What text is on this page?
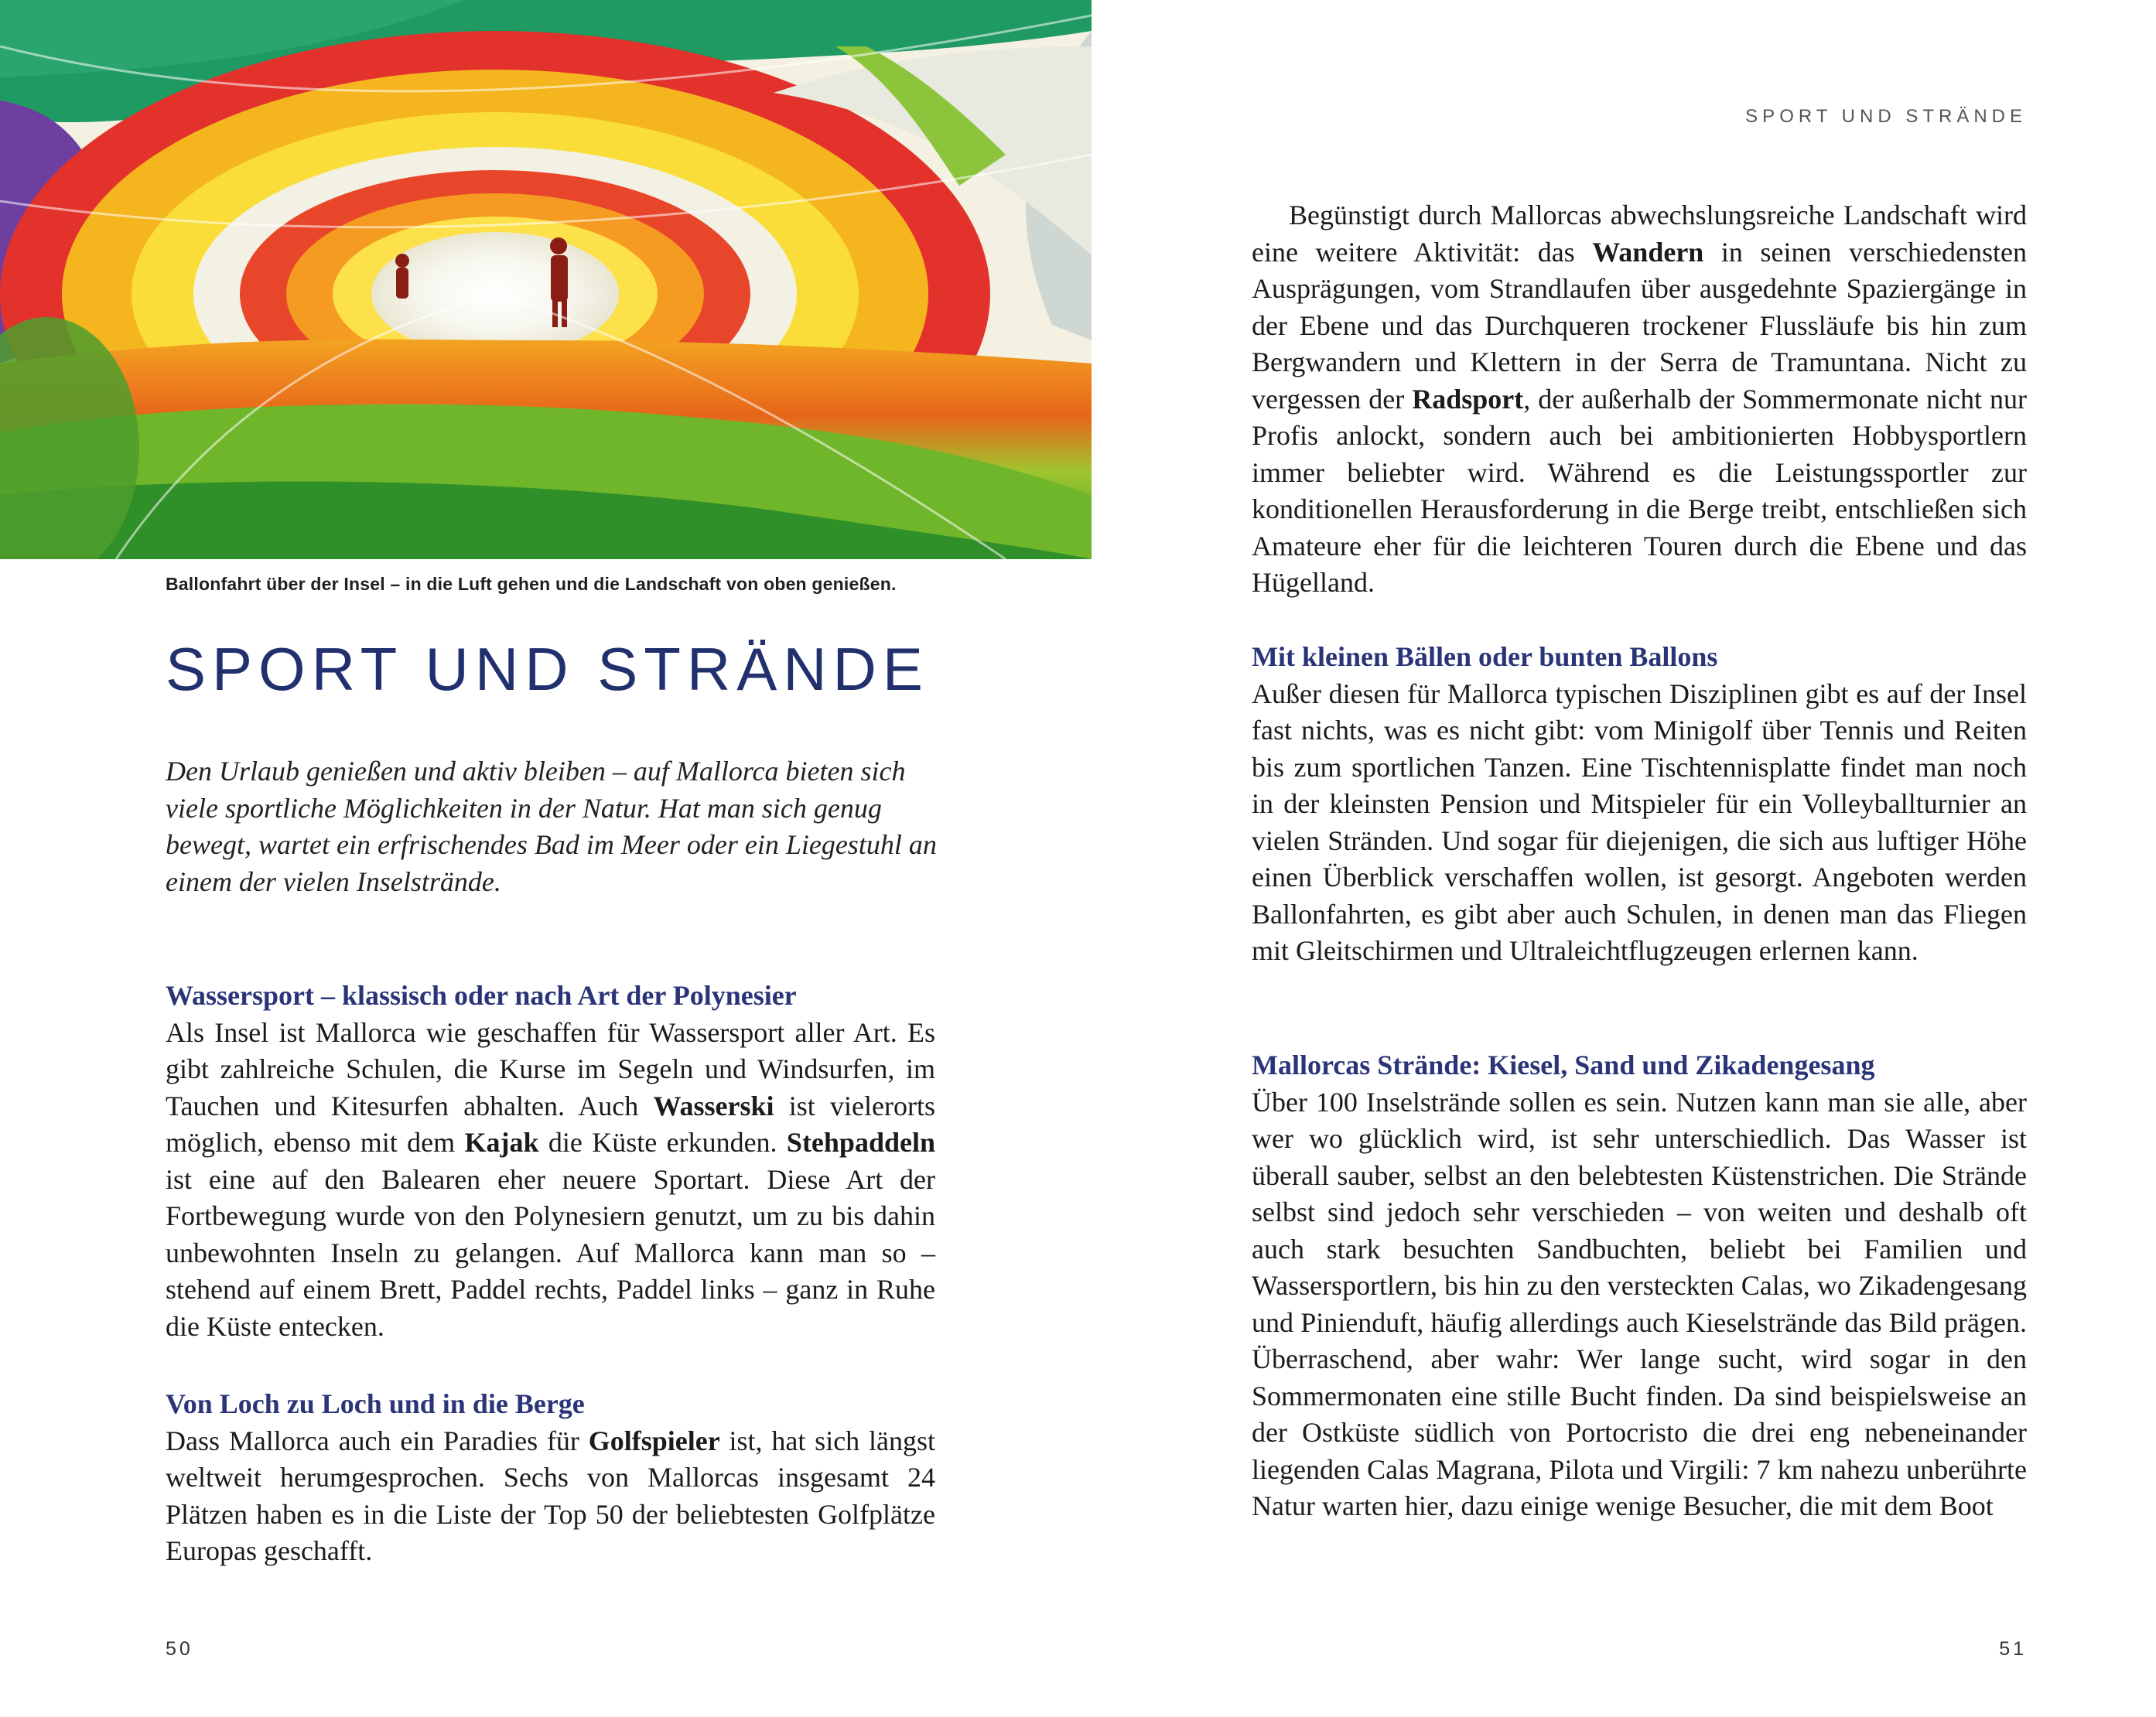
Ballonfahrt über der Insel – in die Luft gehen und die Landschaft von oben genießen.
SPORT UND STRÄNDE

Den Urlaub genießen und aktiv bleiben – auf Mallorca bieten sich viele sportliche Möglichkeiten in der Natur. Hat man sich genug bewegt, wartet ein erfrischendes Bad im Meer oder ein Liegestuhl an einem der vielen Inselstrände.

Wassersport – klassisch oder nach Art der Polynesier

Als Insel ist Mallorca wie geschaffen für Wassersport aller Art. Es gibt zahlreiche Schulen, die Kurse im Segeln und Windsurfen, im Tauchen und Kitesurfen abhalten. Auch Wasserski ist vielerorts möglich, ebenso mit dem Kajak die Küste erkunden. Stehpaddeln ist eine auf den Balearen eher neuere Sportart. Diese Art der Fortbewegung wurde von den Polynesiern genutzt, um zu bis dahin unbewohnten Inseln zu gelangen. Auf Mallorca kann man so – stehend auf einem Brett, Paddel rechts, Paddel links – ganz in Ruhe die Küste entecken.

Von Loch zu Loch und in die Berge

Dass Mallorca auch ein Paradies für Golfspieler ist, hat sich längst weltweit herumgesprochen. Sechs von Mallorcas insgesamt 24 Plätzen haben es in die Liste der Top 50 der beliebtesten Golfplätze Europas geschafft.

50
SPORT UND STRÄNDE

Begünstigt durch Mallorcas abwechslungsreiche Landschaft wird eine weitere Aktivität: das Wandern in seinen verschiedensten Ausprägungen, vom Strandlaufen über ausgedehnte Spaziergänge in der Ebene und das Durchqueren trockener Flussläufe bis hin zum Bergwandern und Klettern in der Serra de Tramuntana. Nicht zu vergessen der Radsport, der außerhalb der Sommermonate nicht nur Profis anlockt, sondern auch bei ambitionierten Hobbysportlern immer beliebter wird. Während es die Leistungssportler zur konditionellen Herausforderung in die Berge treibt, entschließen sich Amateure eher für die leichteren Touren durch die Ebene und das Hügelland.

Mit kleinen Bällen oder bunten Ballons

Außer diesen für Mallorca typischen Disziplinen gibt es auf der Insel fast nichts, was es nicht gibt: vom Minigolf über Tennis und Reiten bis zum sportlichen Tanzen. Eine Tischtennisplatte findet man noch in der kleinsten Pension und Mitspieler für ein Volleyballturnier an vielen Stränden. Und sogar für diejenigen, die sich aus luftiger Höhe einen Überblick verschaffen wollen, ist gesorgt. Angeboten werden Ballonfahrten, es gibt aber auch Schulen, in denen man das Fliegen mit Gleitschirmen und Ultraleichtflugzeugen erlernen kann.

Mallorcas Strände: Kiesel, Sand und Zikadengesang

Über 100 Inselstrände sollen es sein. Nutzen kann man sie alle, aber wer wo glücklich wird, ist sehr unterschiedlich. Das Wasser ist überall sauber, selbst an den belebtesten Küstenstrichen. Die Strände selbst sind jedoch sehr verschieden – von weiten und deshalb oft auch stark besuchten Sandbuchten, beliebt bei Familien und Wassersportlern, bis hin zu den versteckten Calas, wo Zikadengesang und Pinienduft, häufig allerdings auch Kieselstrände das Bild prägen. Überraschend, aber wahr: Wer lange sucht, wird sogar in den Sommermonaten eine stille Bucht finden. Da sind beispielsweise an der Ostküste südlich von Portocristo die drei eng nebeneinander liegenden Calas Magrana, Pilota und Virgili: 7 km nahezu unberührte Natur warten hier, dazu einige wenige Besucher, die mit dem Boot

51
